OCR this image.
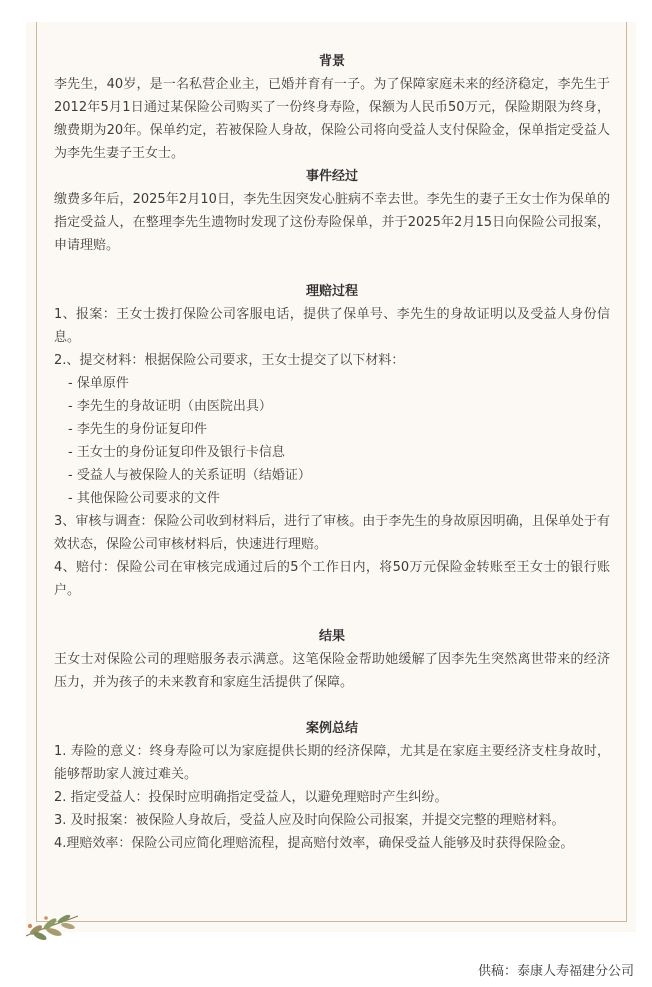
背景

李先生，40岁，是一名私营企业主，已婚并育有一子。为了保障家庭未来的经济稳定，李先生于2012年5月1日通过某保险公司购买了一份终身寿险，保额为人民币50万元，保险期限为终身，缴费期为20年。保单约定，若被保险人身故，保险公司将向受益人支付保险金，保单指定受益人为李先生妻子王女士。

事件经过

缴费多年后，2025年2月10日，李先生因突发心脏病不幸去世。李先生的妻子王女士作为保单的指定受益人，在整理李先生遗物时发现了这份寿险保单，并于2025年2月15日向保险公司报案，申请理赔。

理赔过程

1、报案：王女士拨打保险公司客服电话，提供了保单号、李先生的身故证明以及受益人身份信息。

2.、提交材料：根据保险公司要求，王女士提交了以下材料：

- 保单原件
- 李先生的身故证明（由医院出具）
- 李先生的身份证复印件
- 王女士的身份证复印件及银行卡信息
- 受益人与被保险人的关系证明（结婚证）
- 其他保险公司要求的文件

3、审核与调查：保险公司收到材料后，进行了审核。由于李先生的身故原因明确，且保单处于有效状态，保险公司审核材料后，快速进行理赔。

4、赔付：保险公司在审核完成通过后的5个工作日内，将50万元保险金转账至王女士的银行账户。

结果

王女士对保险公司的理赔服务表示满意。这笔保险金帮助她缓解了因李先生突然离世带来的经济压力，并为孩子的未来教育和家庭生活提供了保障。

案例总结

1. 寿险的意义：终身寿险可以为家庭提供长期的经济保障，尤其是在家庭主要经济支柱身故时，能够帮助家人渡过难关。

2. 指定受益人：投保时应明确指定受益人，以避免理赔时产生纠纷。

3. 及时报案：被保险人身故后，受益人应及时向保险公司报案，并提交完整的理赔材料。

4.理赔效率：保险公司应简化理赔流程，提高赔付效率，确保受益人能够及时获得保险金。

供稿：泰康人寿福建分公司
